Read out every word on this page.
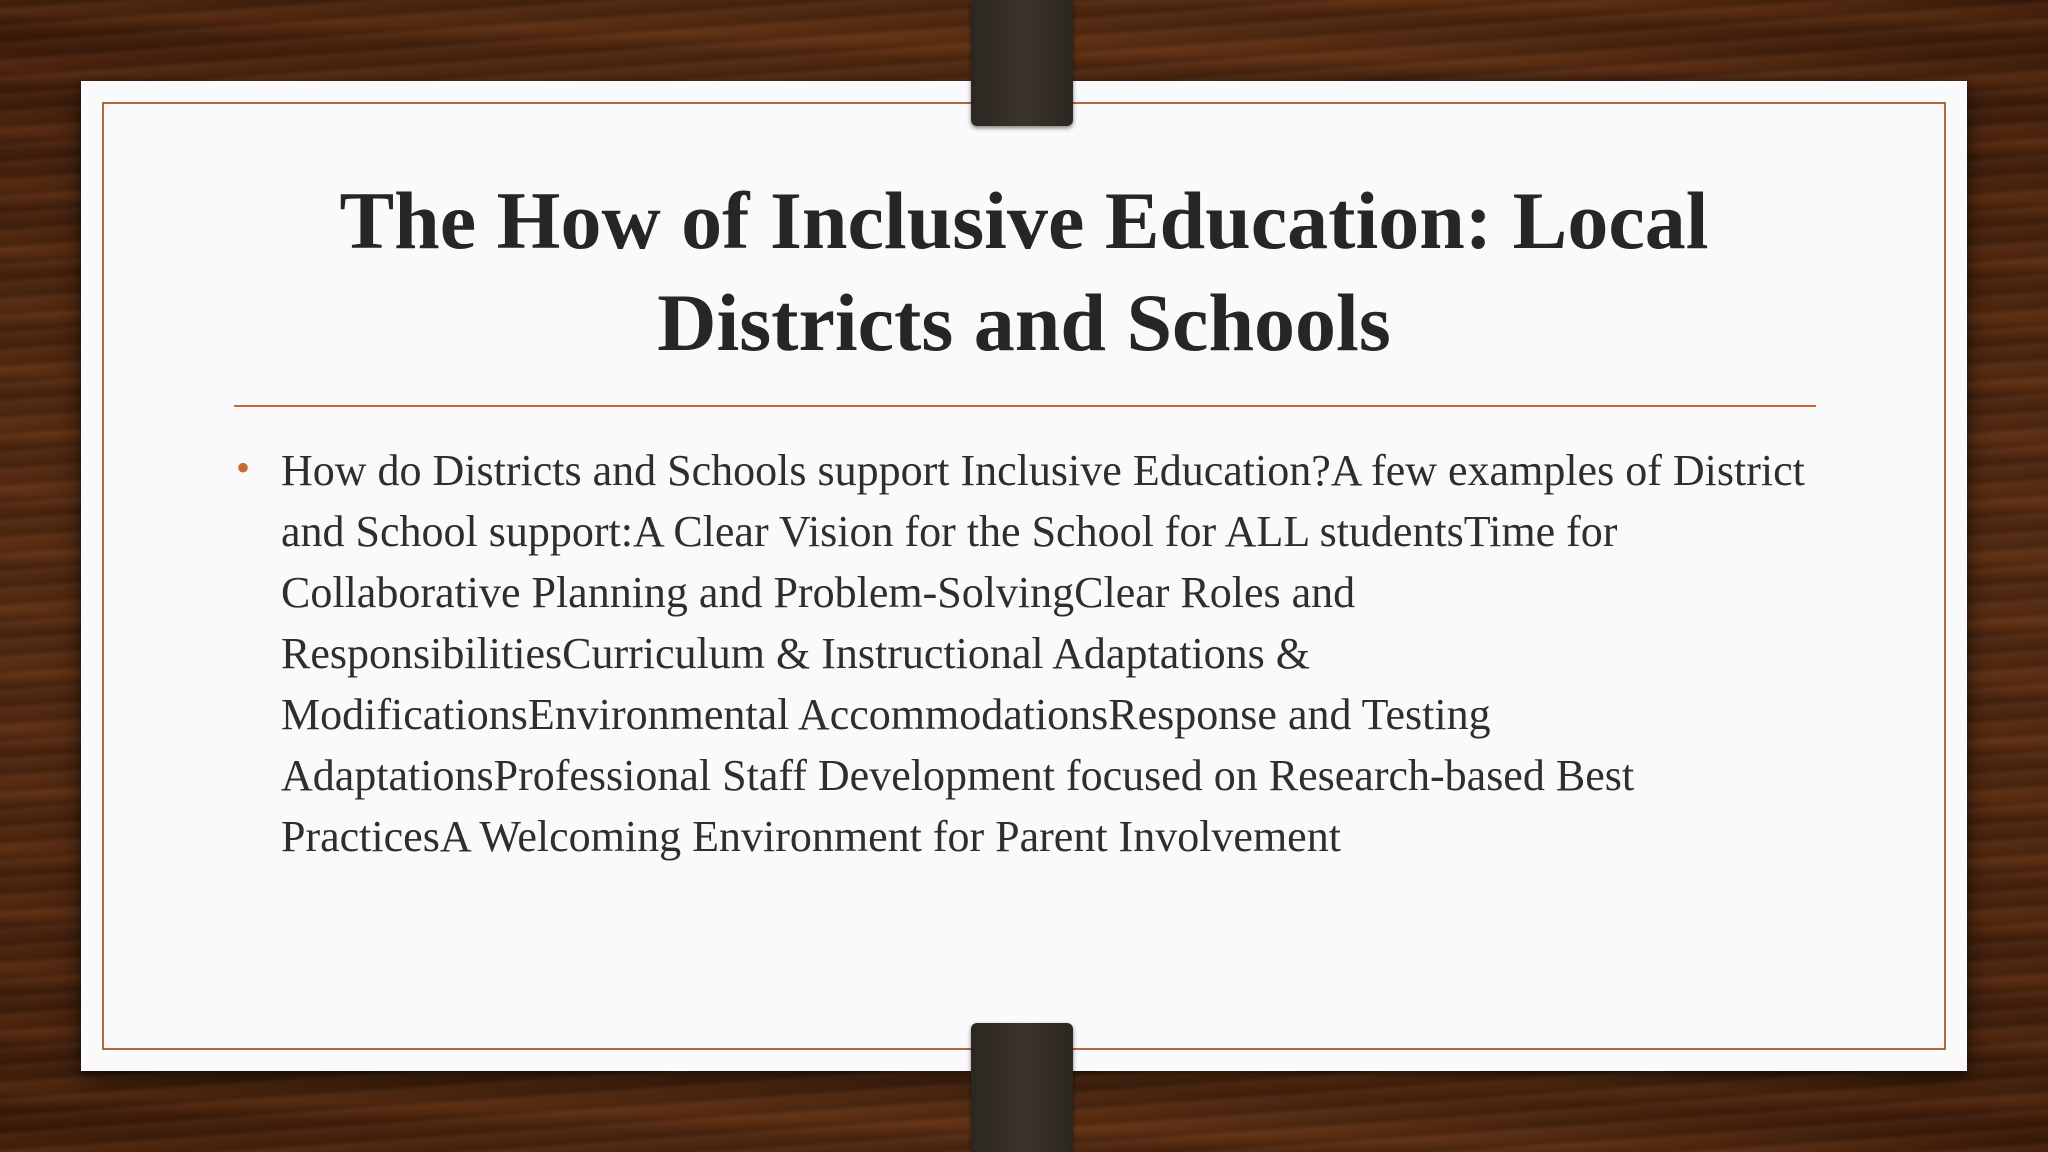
The How of Inclusive Education: Local Districts and Schools
• How do Districts and Schools support Inclusive Education?A few examples of District and School support:A Clear Vision for the School for ALL studentsTime for Collaborative Planning and Problem-SolvingClear Roles and ResponsibilitiesCurriculum & Instructional Adaptations & ModificationsEnvironmental AccommodationsResponse and Testing AdaptationsProfessional Staff Development focused on Research-based Best PracticesA Welcoming Environment for Parent Involvement
